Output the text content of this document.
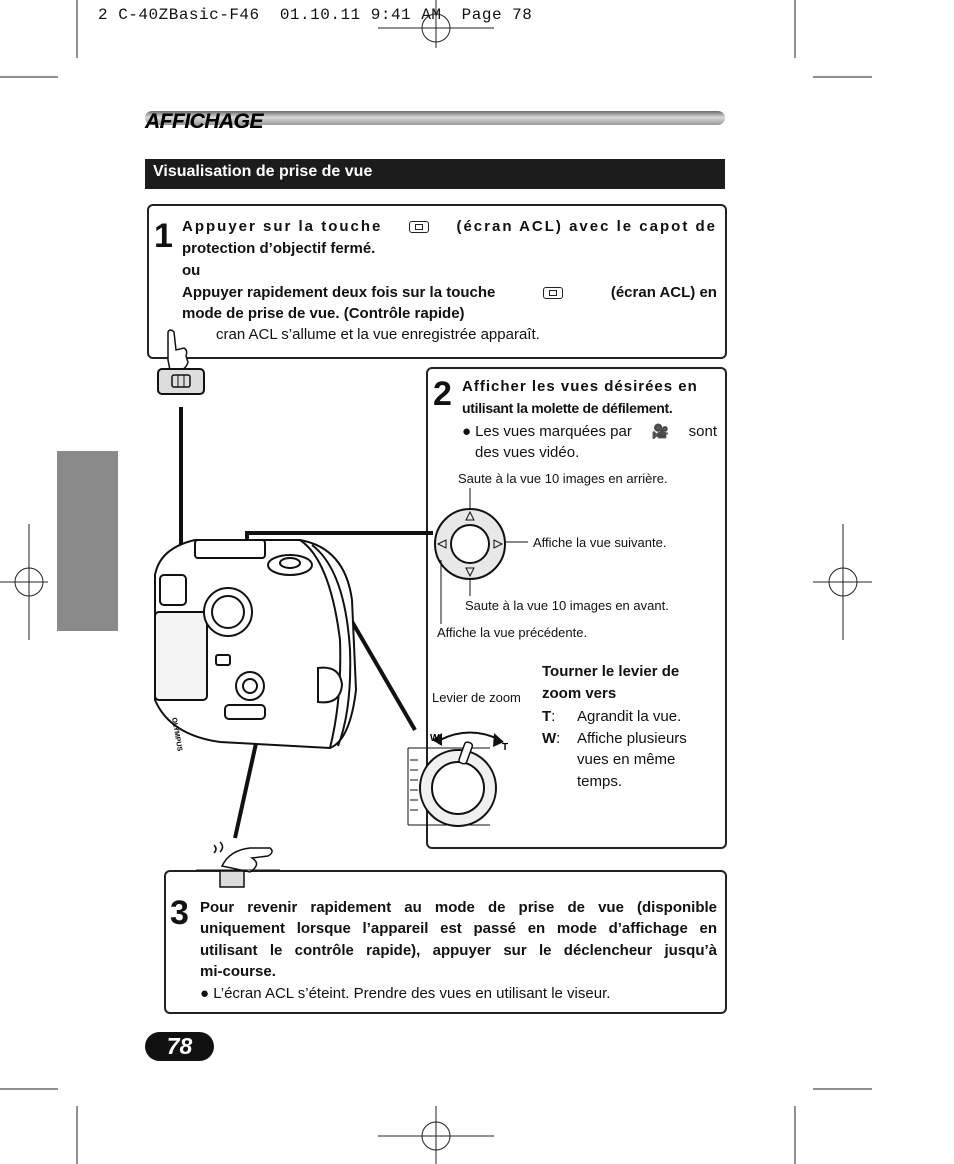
2 C-40ZBasic-F46  01.10.11 9:41 AM  Page 78
AFFICHAGE
Visualisation de prise de vue
1 Appuyer sur la touche	(écran ACL) avec le capot de
protection d’objectif fermé.
ou
Appuyer rapidement deux fois sur la touche	(écran ACL) en
mode de prise de vue. (Contrôle rapide)
cran ACL s’allume et la vue enregistrée apparaît.
2 Afficher les vues désirées en
utilisant la molette de défilement.
● Les vues marquées par 🎥 sont
des vues vidéo.
Saute à la vue 10 images en arrière.
Affiche la vue suivante.
Saute à la vue 10 images en avant.
Affiche la vue précédente.
Levier de zoom
Tourner le levier de
zoom vers
T: Agrandit la vue.
W: Affiche plusieurs
vues en même
temps.
3 Pour revenir rapidement au mode de prise de vue (disponible
uniquement lorsque l’appareil est passé en mode d’affichage en
utilisant le contrôle rapide), appuyer sur le déclencheur jusqu’à
mi-course.
● L’écran ACL s’éteint. Prendre des vues en utilisant le viseur.
OLYMPUS	W
T
78
